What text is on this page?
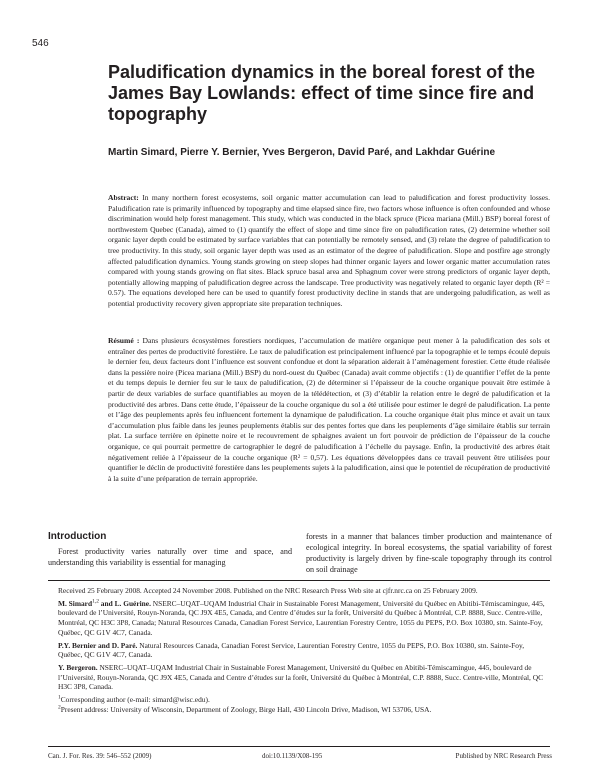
546
Paludification dynamics in the boreal forest of the James Bay Lowlands: effect of time since fire and topography
Martin Simard, Pierre Y. Bernier, Yves Bergeron, David Paré, and Lakhdar Guérine
Abstract: In many northern forest ecosystems, soil organic matter accumulation can lead to paludification and forest productivity losses. Paludification rate is primarily influenced by topography and time elapsed since fire, two factors whose influence is often confounded and whose discrimination would help forest management. This study, which was conducted in the black spruce (Picea mariana (Mill.) BSP) boreal forest of northwestern Quebec (Canada), aimed to (1) quantify the effect of slope and time since fire on paludification rates, (2) determine whether soil organic layer depth could be estimated by surface variables that can potentially be remotely sensed, and (3) relate the degree of paludification to tree productivity. In this study, soil organic layer depth was used as an estimator of the degree of paludification. Slope and postfire age strongly affected paludification dynamics. Young stands growing on steep slopes had thinner organic layers and lower organic matter accumulation rates compared with young stands growing on flat sites. Black spruce basal area and Sphagnum cover were strong predictors of organic layer depth, potentially allowing mapping of paludification degree across the landscape. Tree productivity was negatively related to organic layer depth (R² = 0.57). The equations developed here can be used to quantify forest productivity decline in stands that are undergoing paludification, as well as potential productivity recovery given appropriate site preparation techniques.
Résumé : Dans plusieurs écosystèmes forestiers nordiques, l’accumulation de matière organique peut mener à la paludification des sols et entraîner des pertes de productivité forestière. Le taux de paludification est principalement influencé par la topographie et le temps écoulé depuis le dernier feu, deux facteurs dont l’influence est souvent confondue et dont la séparation aiderait à l’aménagement forestier. Cette étude réalisée dans la pessière noire (Picea mariana (Mill.) BSP) du nord-ouest du Québec (Canada) avait comme objectifs : (1) de quantifier l’effet de la pente et du temps depuis le dernier feu sur le taux de paludification, (2) de déterminer si l’épaisseur de la couche organique pouvait être estimée à partir de deux variables de surface quantifiables au moyen de la télédétection, et (3) d’établir la relation entre le degré de paludification et la productivité des arbres. Dans cette étude, l’épaisseur de la couche organique du sol a été utilisée pour estimer le degré de paludification. La pente et l’âge des peuplements après feu influencent fortement la dynamique de paludification. La couche organique était plus mince et avait un taux d’accumulation plus faible dans les jeunes peuplements établis sur des pentes fortes que dans les peuplements d’âge similaire établis sur terrain plat. La surface terrière en épinette noire et le recouvrement de sphaignes avaient un fort pouvoir de prédiction de l’épaisseur de la couche organique, ce qui pourrait permettre de cartographier le degré de paludification à l’échelle du paysage. Enfin, la productivité des arbres était négativement reliée à l’épaisseur de la couche organique (R² = 0,57). Les équations développées dans ce travail peuvent être utilisées pour quantifier le déclin de productivité forestière dans les peuplements sujets à la paludification, ainsi que le potentiel de récupération de productivité à la suite d’une préparation de terrain appropriée.
Introduction
Forest productivity varies naturally over time and space, and understanding this variability is essential for managing
forests in a manner that balances timber production and maintenance of ecological integrity. In boreal ecosystems, the spatial variability of forest productivity is largely driven by fine-scale topography through its control on soil drainage

Received 25 February 2008. Accepted 24 November 2008. Published on the NRC Research Press Web site at cjfr.nrc.ca on 25 February 2009.

M. Simard$^{1,2}$ and L. Guérine. NSERC–UQAT–UQAM Industrial Chair in Sustainable Forest Management, Université du Québec en Abitibi-Témiscamingue, 445, boulevard de l’Université, Rouyn-Noranda, QC J9X 4E5, Canada, and Centre d’études sur la forêt, Université du Québec à Montréal, C.P. 8888, Succ. Centre-ville, Montréal, QC H3C 3P8, Canada; Natural Resources Canada, Canadian Forest Service, Laurentian Forestry Centre, 1055 du PEPS, P.O. Box 10380, stn. Sainte-Foy, Québec, QC G1V 4C7, Canada.

P.Y. Bernier and D. Paré. Natural Resources Canada, Canadian Forest Service, Laurentian Forestry Centre, 1055 du PEPS, P.O. Box 10380, stn. Sainte-Foy, Québec, QC G1V 4C7, Canada.

Y. Bergeron. NSERC–UQAT–UQAM Industrial Chair in Sustainable Forest Management, Université du Québec en Abitibi-Témiscamingue, 445, boulevard de l’Université, Rouyn-Noranda, QC J9X 4E5, Canada and Centre d’études sur la forêt, Université du Québec à Montréal, C.P. 8888, Succ. Centre-ville, Montréal, QC H3C 3P8, Canada.

$^1$Corresponding author (e-mail: simard@wisc.edu).

$^2$Present address: University of Wisconsin, Department of Zoology, Birge Hall, 430 Lincoln Drive, Madison, WI 53706, USA.

Can. J. For. Res. 39: 546–552 (2009)	doi:10.1139/X08-195	Published by NRC Research Press
